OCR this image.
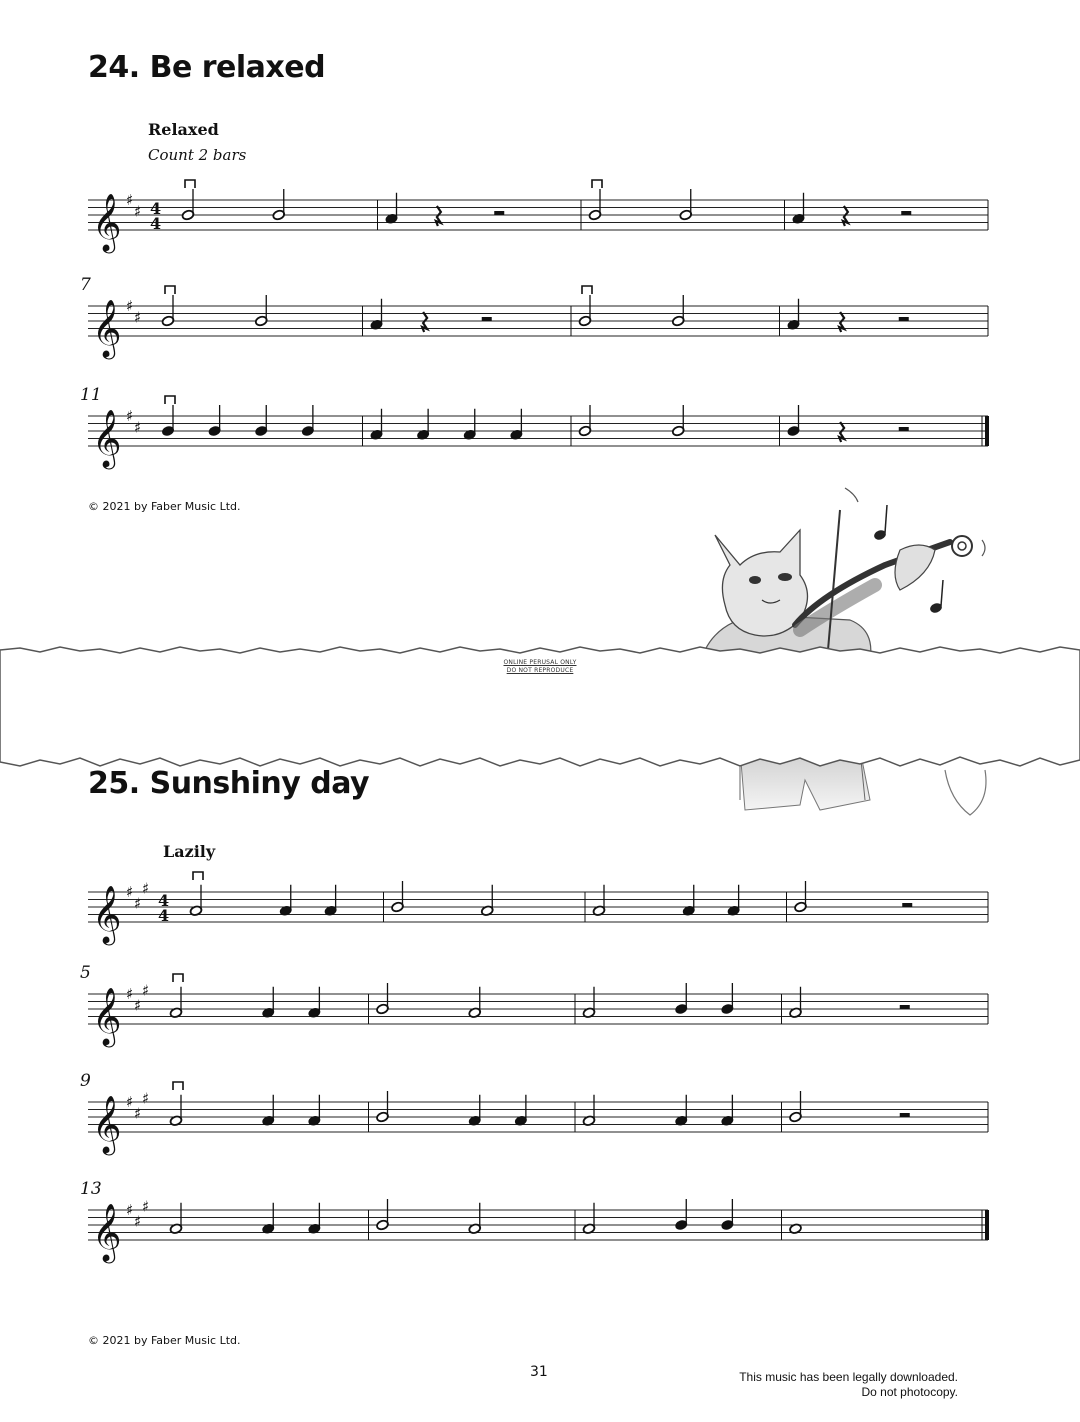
24. Be relaxed
Relaxed
Count 2 bars
𝄞 ♯
♯ 4
4
7
𝄞 ♯
♯
11
𝄞 ♯
♯
© 2021 by Faber Music Ltd.
ONLINE PERUSAL ONLY
DO NOT REPRODUCE
25. Sunshiny day
Lazily
𝄞 ♯
♯
♯
4
4
5
𝄞 ♯
♯
♯
9
𝄞 ♯
♯
♯
13
𝄞 ♯
♯
♯
© 2021 by Faber Music Ltd.
31	This music has been legally downloaded.
Do not photocopy.
